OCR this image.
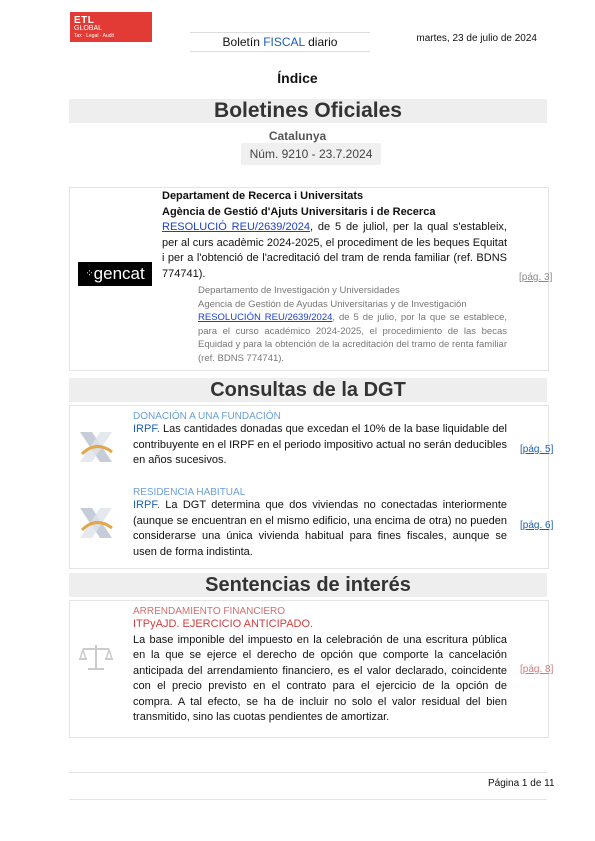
ETL
GLOBAL
Tax · Legal · Audit	Boletín FISCAL diario	martes, 23 de julio de 2024
Índice
Boletines Oficiales
Catalunya
Núm. 9210 - 23.7.2024
⁘gencat
Departament de Recerca i Universitats
Agència de Gestió d'Ajuts Universitaris i de Recerca
RESOLUCIÓ REU/2639/2024, de 5 de juliol, per la qual s'estableix, per al curs acadèmic 2024-2025, el procediment de les beques Equitat i per a l'obtenció de l'acreditació del tram de renda familiar (ref. BDNS 774741).
Departamento de Investigación y Universidades
Agencia de Gestión de Ayudas Universitarias y de Investigación
RESOLUCIÓN REU/2639/2024, de 5 de julio, por la que se establece, para el curso académico 2024-2025, el procedimiento de las becas Equidad y para la obtención de la acreditación del tramo de renta familiar (ref. BDNS 774741).
[pág. 3]
Consultas de la DGT
DONACIÓN A UNA FUNDACIÓN
IRPF. Las cantidades donadas que excedan el 10% de la base liquidable del contribuyente en el IRPF en el periodo impositivo actual no serán deducibles en años sucesivos.
[pág. 5]
RESIDENCIA HABITUAL
IRPF. La DGT determina que dos viviendas no conectadas interiormente (aunque se encuentran en el mismo edificio, una encima de otra) no pueden considerarse una única vivienda habitual para fines fiscales, aunque se usen de forma indistinta.
[pág. 6]
Sentencias de interés
ARRENDAMIENTO FINANCIERO
ITPyAJD. EJERCICIO ANTICIPADO.
La base imponible del impuesto en la celebración de una escritura pública en la que se ejerce el derecho de opción que comporte la cancelación anticipada del arrendamiento financiero, es el valor declarado, coincidente con el precio previsto en el contrato para el ejercicio de la opción de compra. A tal efecto, se ha de incluir no solo el valor residual del bien transmitido, sino las cuotas pendientes de amortizar.
[pág. 8]
Página 1 de 11
